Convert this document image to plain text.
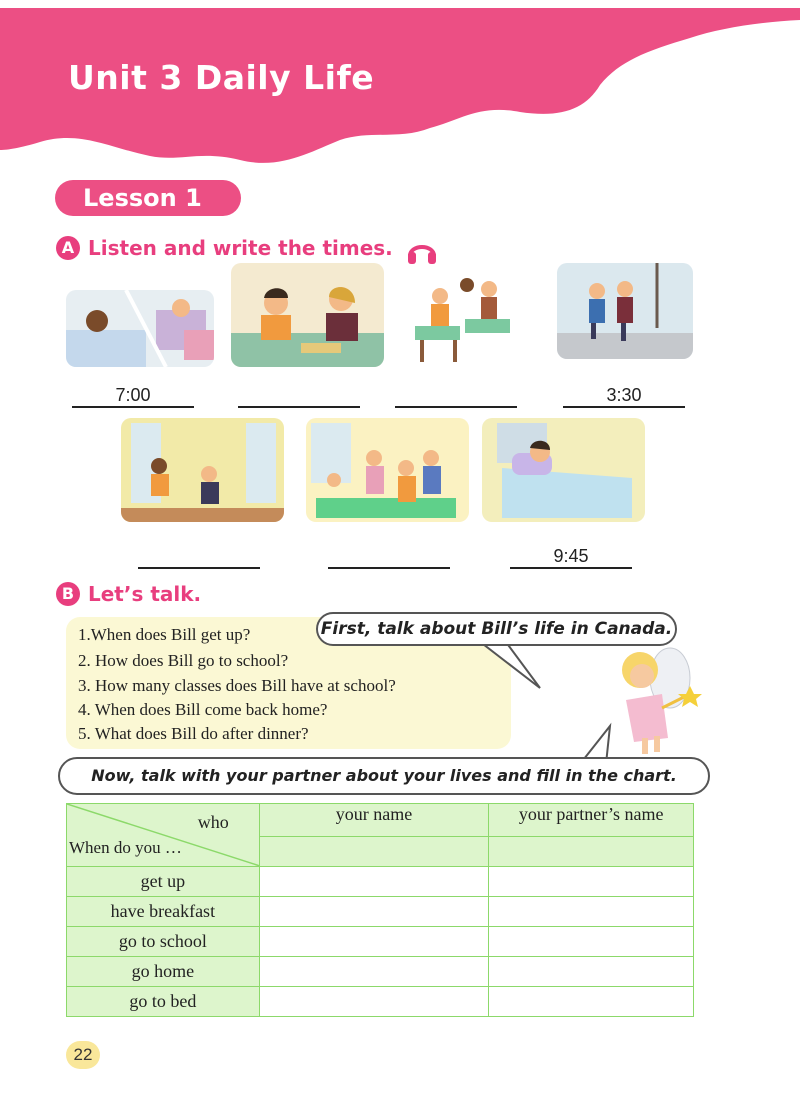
Unit 3 Daily Life
Lesson 1
A Listen and write the times.
7:00	3:30
9:45
B Let’s talk.
1.When does Bill get up?
2. How does Bill go to school?
3. How many classes does Bill have at school?
4. When does Bill come back home?
5. What does Bill do after dinner?
First, talk about Bill’s life in Canada.
Now, talk with your partner about your lives and fill in the chart.
who
When do you …	your name	your partner’s name

get up		
have breakfast		
go to school		
go home		
go to bed		
22
